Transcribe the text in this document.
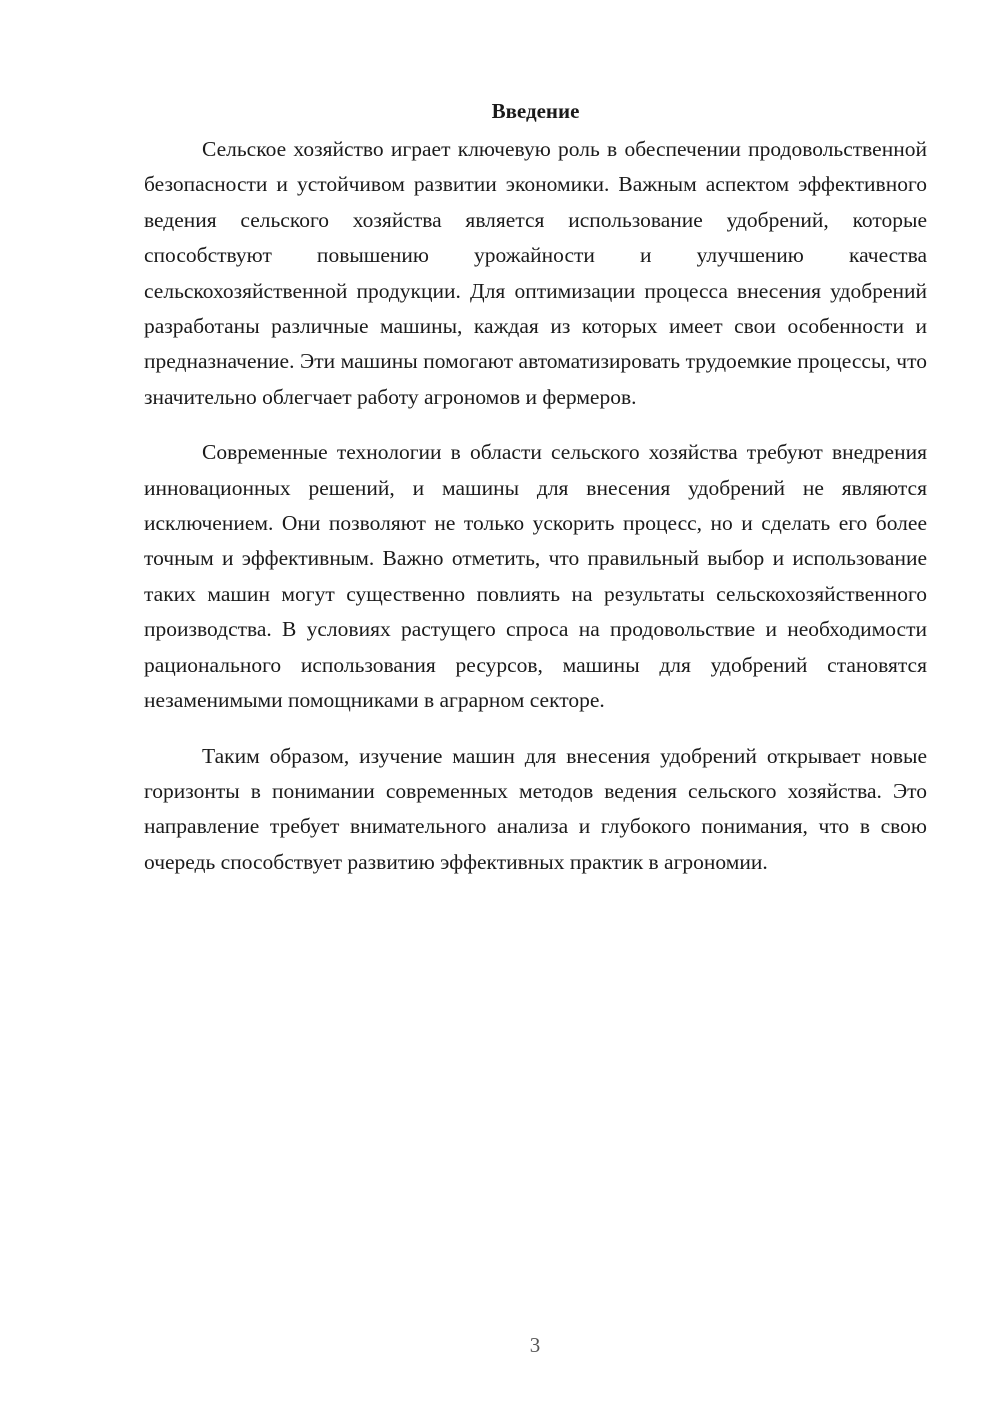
Введение

Сельское хозяйство играет ключевую роль в обеспечении продовольственной безопасности и устойчивом развитии экономики. Важным аспектом эффективного ведения сельского хозяйства является использование удобрений, которые способствуют повышению урожайности и улучшению качества сельскохозяйственной продукции. Для оптимизации процесса внесения удобрений разработаны различные машины, каждая из которых имеет свои особенности и предназначение. Эти машины помогают автоматизировать трудоемкие процессы, что значительно облегчает работу агрономов и фермеров.

Современные технологии в области сельского хозяйства требуют внедрения инновационных решений, и машины для внесения удобрений не являются исключением. Они позволяют не только ускорить процесс, но и сделать его более точным и эффективным. Важно отметить, что правильный выбор и использование таких машин могут существенно повлиять на результаты сельскохозяйственного производства. В условиях растущего спроса на продовольствие и необходимости рационального использования ресурсов, машины для удобрений становятся незаменимыми помощниками в аграрном секторе.

Таким образом, изучение машин для внесения удобрений открывает новые горизонты в понимании современных методов ведения сельского хозяйства. Это направление требует внимательного анализа и глубокого понимания, что в свою очередь способствует развитию эффективных практик в агрономии.

3
